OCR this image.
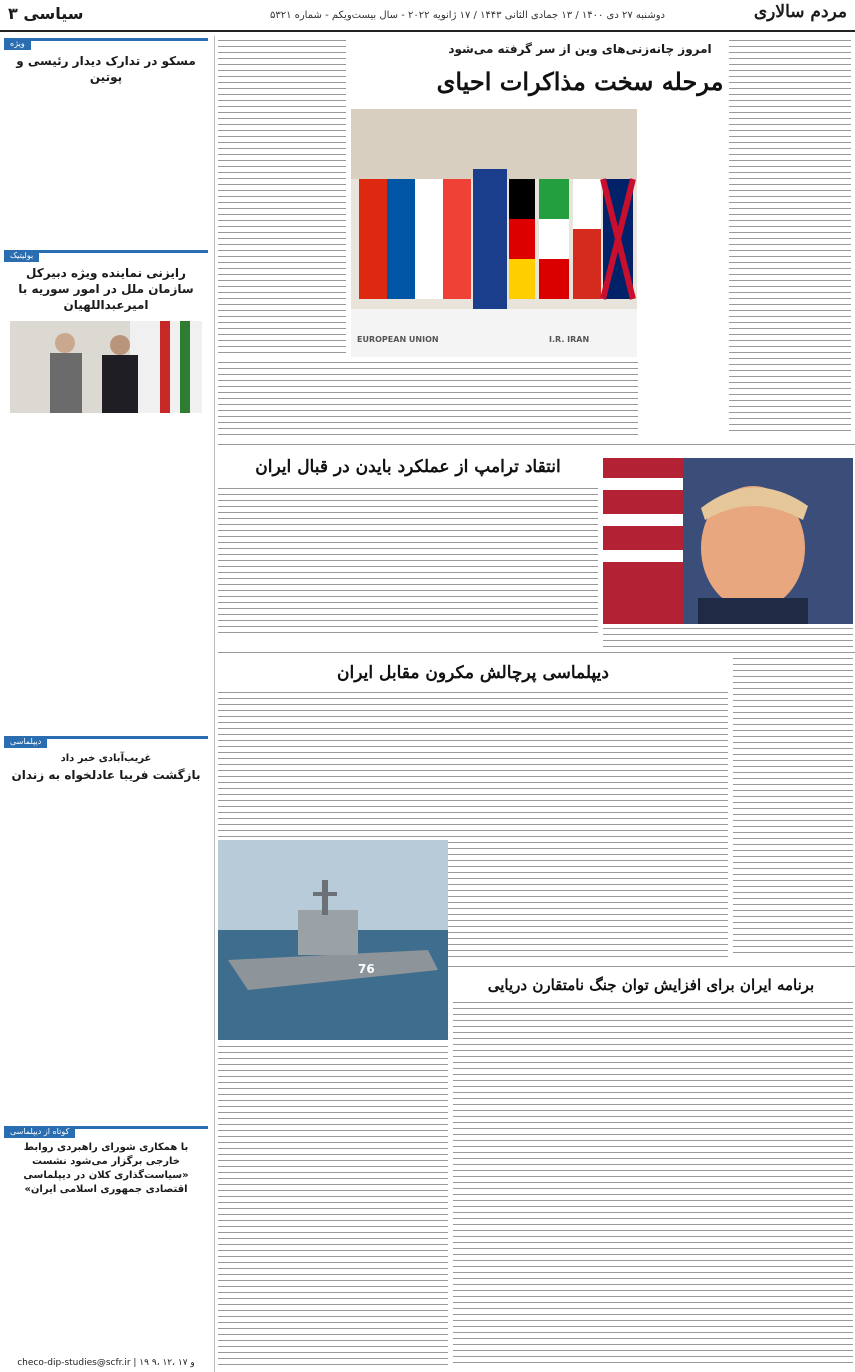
مردم سالاری
دوشنبه ۲۷ دی ۱۴۰۰ / ۱۳ جمادی الثانی ۱۴۴۳ / ۱۷ ژانویه ۲۰۲۲ - سال بیست‌ویکم - شماره ۵۳۲۱
سیاسی ۳
ویژه
مسکو در تدارک دیدار رئیسی و پوتین
بولیتیک
رایزنی نماینده ویژه دبیرکل سازمان ملل در امور سوریه با امیرعبداللهیان
دیپلماسی
غریب‌آبادی خبر داد
بازگشت فریبا عادلخواه به زندان
کوتاه از دیپلماسی
با همکاری شورای راهبردی روابط خارجی برگزار می‌شود نشست «سیاست‌گذاری کلان در دیپلماسی اقتصادی جمهوری اسلامی ایران»
checo-dip-studies@scfr.ir | ۱۹ و ۱۷ ،۱۲ ،۹
امروز چانه‌زنی‌های وین از سر گرفته می‌شود
مرحله سخت مذاکرات احیای
EUROPEAN UNION	I.R. IRAN
انتقاد ترامپ از عملکرد بایدن در قبال ایران
دیپلماسی پرچالش مکرون مقابل ایران
برنامه ایران برای افزایش توان جنگ نامتقارن دریایی
76
